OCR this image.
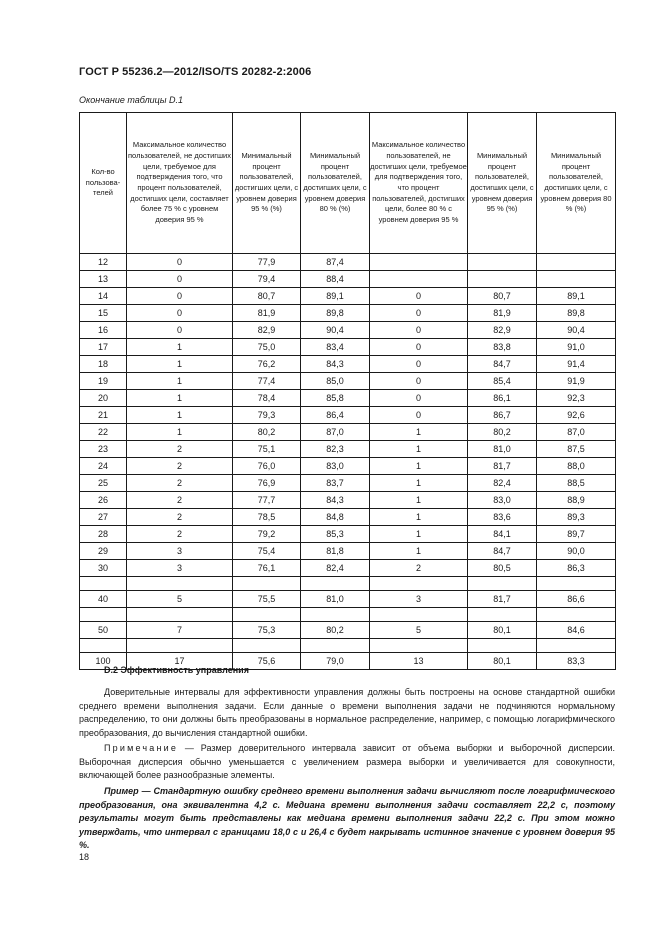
ГОСТ Р 55236.2—2012/ISO/TS 20282-2:2006
Окончание таблицы D.1
Кол-во пользова-телей	Максимальное количество пользователей, не достигших цели, требуемое для подтверждения того, что процент пользователей, достигших цели, составляет более 75 % с уровнем доверия 95 %	Минимальный процент пользователей, достигших цели, с уровнем доверия 95 % (%)	Минимальный процент пользователей, достигших цели, с уровнем доверия 80 % (%)	Максимальное количество пользователей, не достигших цели, требуемое для подтверждения того, что процент пользователей, достигших цели, более 80 % с уровнем доверия 95 %	Минимальный процент пользователей, достигших цели, с уровнем доверия 95 % (%)	Минимальный процент пользователей, достигших цели, с уровнем доверия 80 % (%)
12	0	77,9	87,4			
13	0	79,4	88,4			
14	0	80,7	89,1	0	80,7	89,1
15	0	81,9	89,8	0	81,9	89,8
16	0	82,9	90,4	0	82,9	90,4
17	1	75,0	83,4	0	83,8	91,0
18	1	76,2	84,3	0	84,7	91,4
19	1	77,4	85,0	0	85,4	91,9
20	1	78,4	85,8	0	86,1	92,3
21	1	79,3	86,4	0	86,7	92,6
22	1	80,2	87,0	1	80,2	87,0
23	2	75,1	82,3	1	81,0	87,5
24	2	76,0	83,0	1	81,7	88,0
25	2	76,9	83,7	1	82,4	88,5
26	2	77,7	84,3	1	83,0	88,9
27	2	78,5	84,8	1	83,6	89,3
28	2	79,2	85,3	1	84,1	89,7
29	3	75,4	81,8	1	84,7	90,0
30	3	76,1	82,4	2	80,5	86,3

40	5	75,5	81,0	3	81,7	86,6

50	7	75,3	80,2	5	80,1	84,6

100	17	75,6	79,0	13	80,1	83,3
D.2 Эффективность управления
Доверительные интервалы для эффективности управления должны быть построены на основе стандартной ошибки среднего времени выполнения задачи. Если данные о времени выполнения задачи не подчиняются нормальному распределению, то они должны быть преобразованы в нормальное распределение, например, с помощью логарифмического преобразования, до вычисления стандартной ошибки.
Примечание — Размер доверительного интервала зависит от объема выборки и выборочной дисперсии. Выборочная дисперсия обычно уменьшается с увеличением размера выборки и увеличивается для совокупности, включающей более разнообразные элементы.
Пример — Стандартную ошибку среднего времени выполнения задачи вычисляют после логарифмического преобразования, она эквивалентна 4,2 с. Медиана времени выполнения задачи составляет 22,2 с, поэтому результаты могут быть представлены как медиана времени выполнения задачи 22,2 с. При этом можно утверждать, что интервал с границами 18,0 с и 26,4 с будет накрывать истинное значение с уровнем доверия 95 %.
18
